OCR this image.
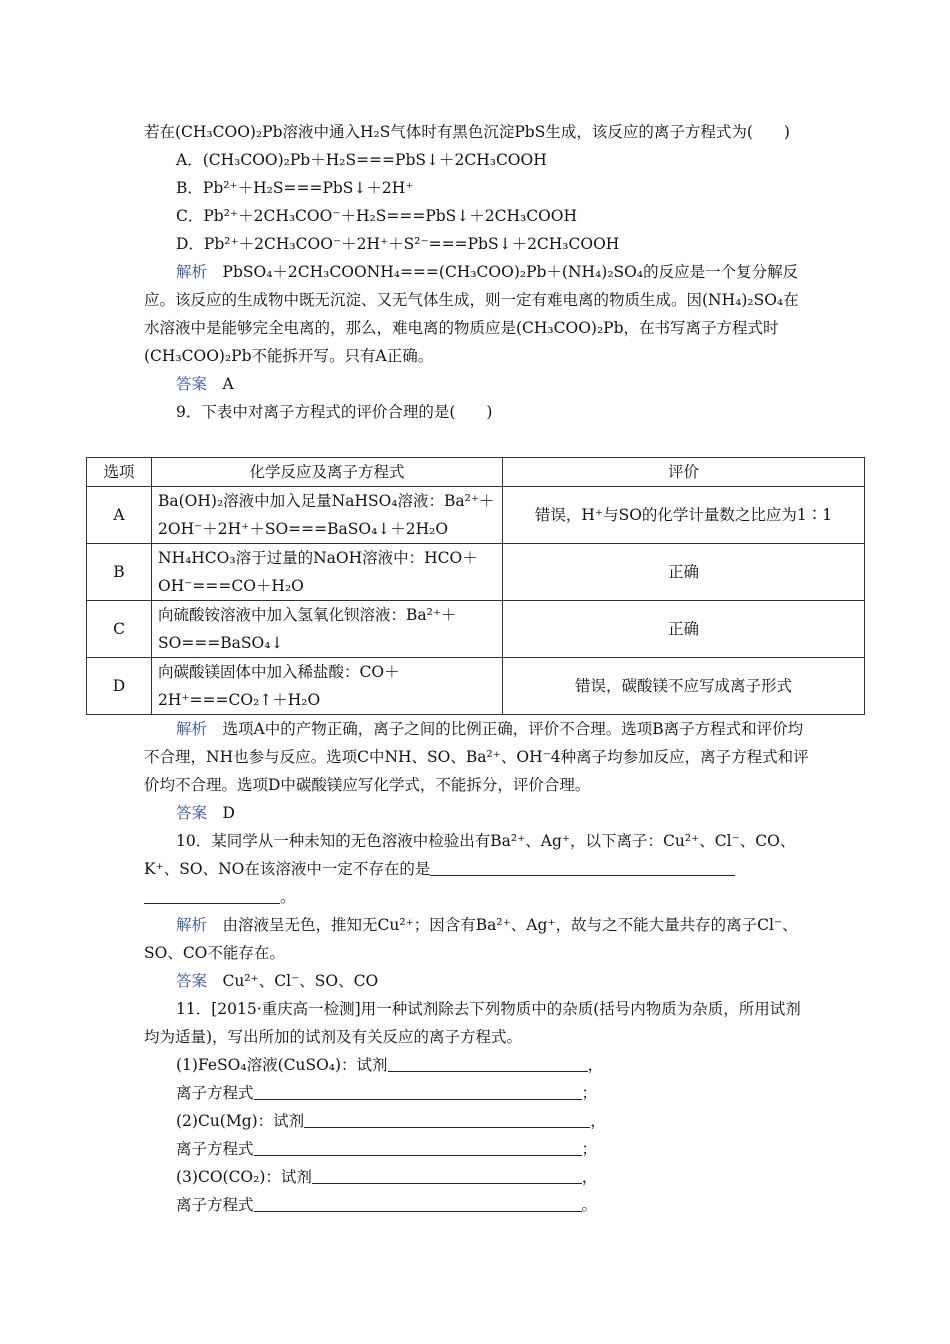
若在(CH₃COO)₂Pb溶液中通入H₂S气体时有黑色沉淀PbS生成，该反应的离子方程式为(　　)

A．(CH₃COO)₂Pb＋H₂S===PbS↓＋2CH₃COOH

B．Pb²⁺＋H₂S===PbS↓＋2H⁺

C．Pb²⁺＋2CH₃COO⁻＋H₂S===PbS↓＋2CH₃COOH

D．Pb²⁺＋2CH₃COO⁻＋2H⁺＋S²⁻===PbS↓＋2CH₃COOH

解析　 PbSO₄＋2CH₃COONH₄===(CH₃COO)₂Pb＋(NH₄)₂SO₄的反应是一个复分解反应。该反应的生成物中既无沉淀、又无气体生成，则一定有难电离的物质生成。因(NH₄)₂SO₄在水溶液中是能够完全电离的，那么，难电离的物质应是(CH₃COO)₂Pb，在书写离子方程式时(CH₃COO)₂Pb不能拆开写。只有A正确。

答案　 A

9．下表中对离子方程式的评价合理的是(　　)

选项	化学反应及离子方程式	评价
A	Ba(OH)₂溶液中加入足量NaHSO₄溶液：Ba²⁺＋2OH⁻＋2H⁺＋SO===BaSO₄↓＋2H₂O	错误，H⁺与SO的化学计量数之比应为1∶1
B	NH₄HCO₃溶于过量的NaOH溶液中：HCO＋OH⁻===CO＋H₂O	正确
C	向硫酸铵溶液中加入氢氧化钡溶液：Ba²⁺＋SO===BaSO₄↓	正确
D	向碳酸镁固体中加入稀盐酸：CO＋2H⁺===CO₂↑＋H₂O	错误，碳酸镁不应写成离子形式

解析　 选项A中的产物正确，离子之间的比例正确，评价不合理。选项B离子方程式和评价均不合理，NH也参与反应。选项C中NH、SO、Ba²⁺、OH⁻4种离子均参加反应，离子方程式和评价均不合理。选项D中碳酸镁应写化学式，不能拆分，评价合理。

答案　 D

10．某同学从一种未知的无色溶液中检验出有Ba²⁺、Ag⁺，以下离子：Cu²⁺、Cl⁻、CO、K⁺、SO、NO在该溶液中一定不存在的是
。

解析　 由溶液呈无色，推知无Cu²⁺；因含有Ba²⁺、Ag⁺，故与之不能大量共存的离子Cl⁻、SO、CO不能存在。

答案　 Cu²⁺、Cl⁻、SO、CO

11．[2015·重庆高一检测]用一种试剂除去下列物质中的杂质(括号内物质为杂质，所用试剂均为适量)，写出所加的试剂及有关反应的离子方程式。

(1)FeSO₄溶液(CuSO₄)：试剂	，

离子方程式	；

(2)Cu(Mg)：试剂	，

离子方程式	；

(3)CO(CO₂)：试剂	，

离子方程式	。
